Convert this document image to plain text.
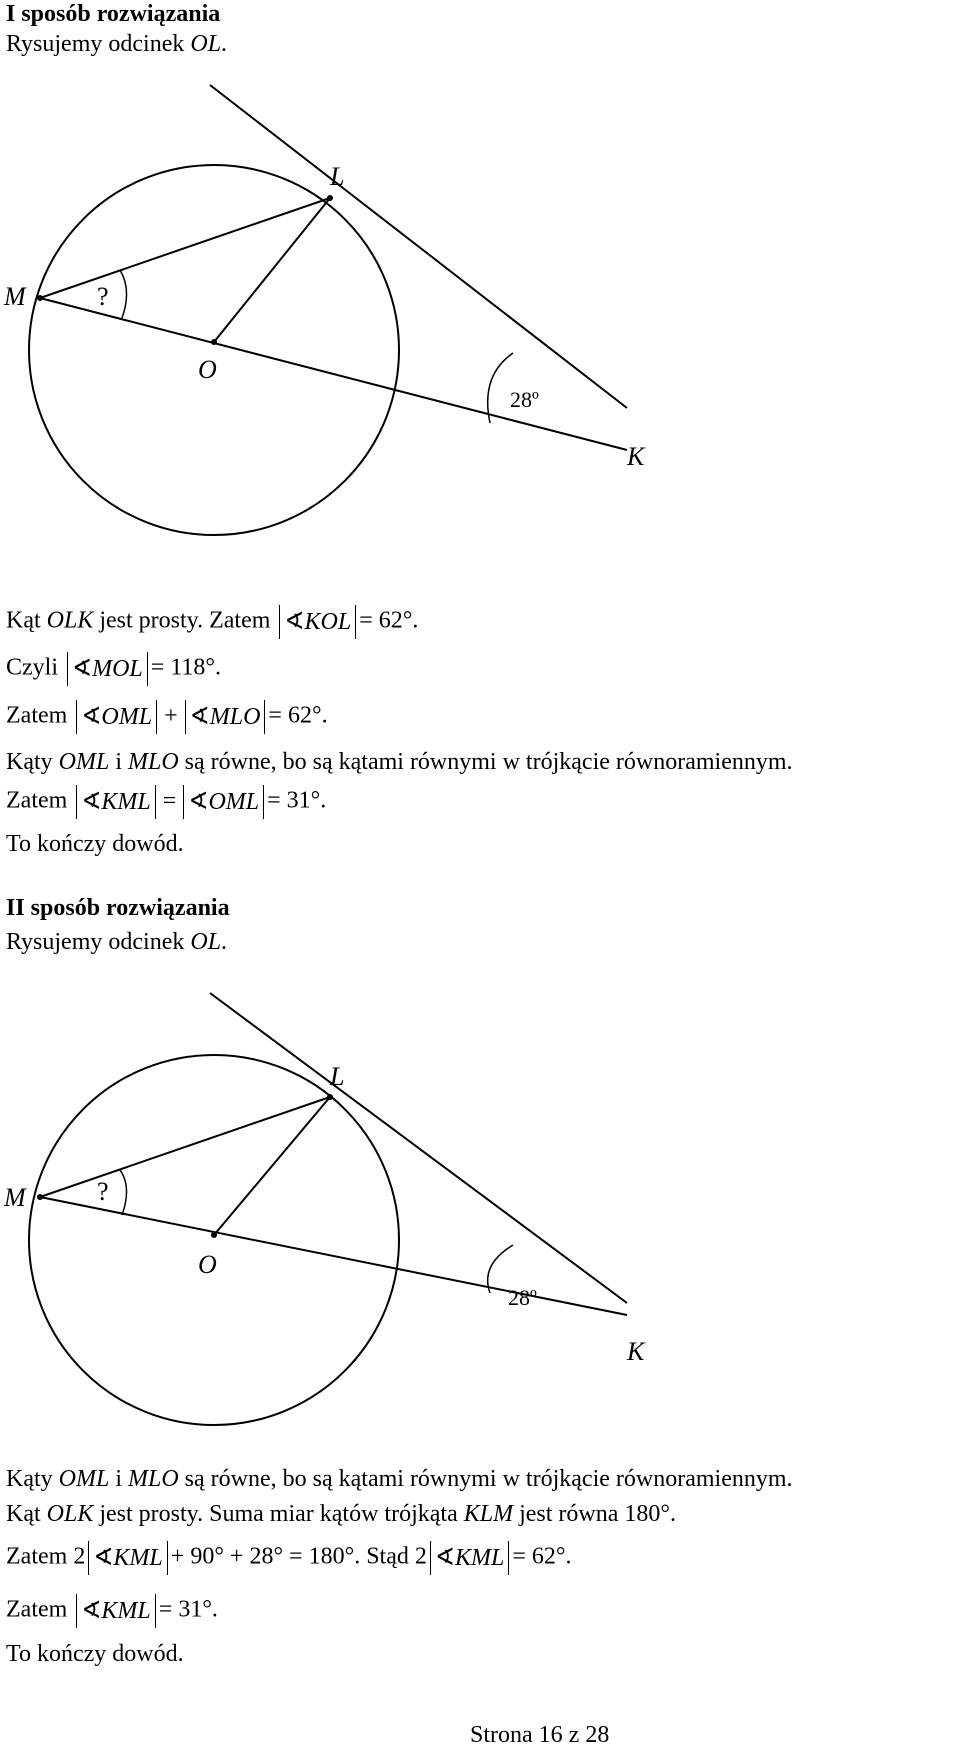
I sposób rozwiązania
Rysujemy odcinek OL.
L
M	?
O
28º
K
Kąt OLK jest prosty. Zatem ∢KOL = 62°.
Czyli ∢MOL = 118°.
Zatem ∢OML + ∢MLO = 62°.
Kąty OML i MLO są równe, bo są kątami równymi w trójkącie równoramiennym.
Zatem ∢KML = ∢OML = 31°.
To kończy dowód.
II sposób rozwiązania
Rysujemy odcinek OL.
L
M	?
O
28º
K
Kąty OML i MLO są równe, bo są kątami równymi w trójkącie równoramiennym.
Kąt OLK jest prosty. Suma miar kątów trójkąta KLM jest równa 180°.
Zatem 2 ∢KML + 90° + 28° = 180°. Stąd 2 ∢KML = 62°.
Zatem ∢KML = 31°.
To kończy dowód.
Strona 16 z 28
